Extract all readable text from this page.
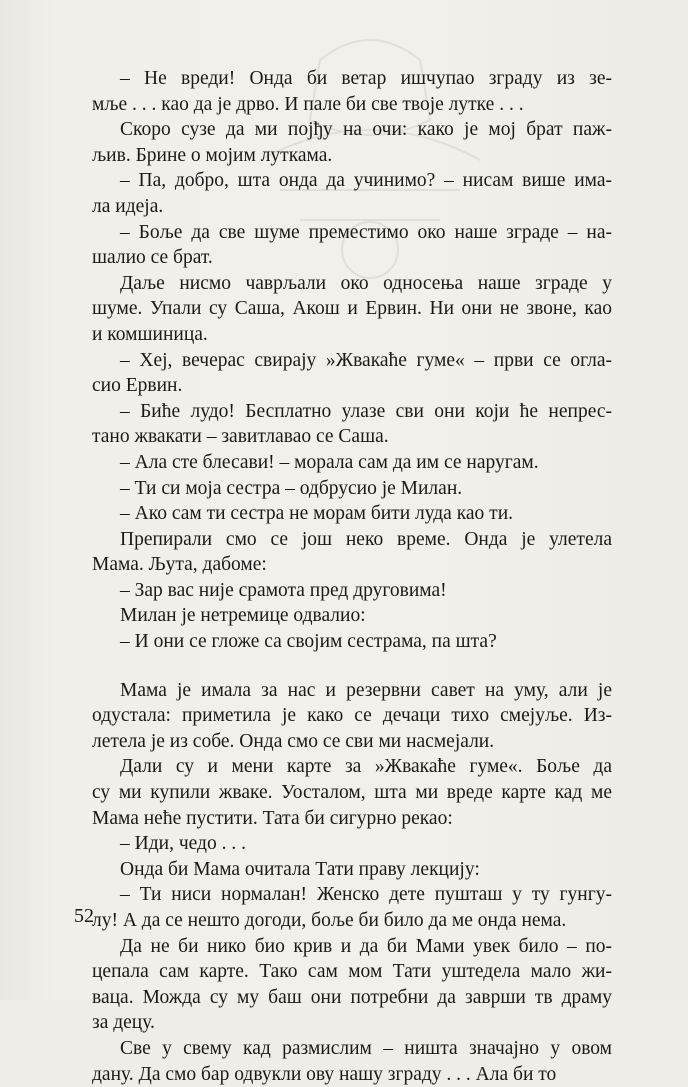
– Не вреди! Онда би ветар ишчупао зграду из зе-
мље . . . као да је дрво. И пале би све твоје лутке . . .
Скоро сузе да ми појђу на очи: како је мој брат паж-
љив. Брине о мојим луткама.
– Па, добро, шта онда да учинимо? – нисам више има-
ла идеја.
– Боље да све шуме преместимо око наше зграде – на-
шалио се брат.
Даље нисмо чаврљали око односења наше зграде у
шуме. Упали су Саша, Акош и Ервин. Ни они не звоне, као
и комшиница.
– Хеј, вечерас свирају »Жвакаће гуме« – први се огла-
сио Ервин.
– Биће лудо! Бесплатно улазе сви они који ће непрес-
тано жвакати – завитлавао се Саша.
– Ала сте блесави! – морала сам да им се наругам.
– Ти си моја сестра – одбрусио је Милан.
– Ако сам ти сестра не морам бити луда као ти.
Препирали смо се још неко време. Онда је улетела
Мама. Љута, дабоме:
– Зар вас није срамота пред друговима!
Милан је нетремице одвалио:
– И они се гложе са својим сестрама, па шта?
Мама је имала за нас и резервни савет на уму, али је
одустала: приметила је како се дечаци тихо смејуље. Из-
летела је из собе. Онда смо се сви ми насмејали.
Дали су и мени карте за »Жвакаће гуме«. Боље да
су ми купили жваке. Уосталом, шта ми вреде карте кад ме
Мама неће пустити. Тата би сигурно рекао:
– Иди, чедо . . .
Онда би Мама очитала Тати праву лекцију:
– Ти ниси нормалан! Женско дете пушташ у ту гунгу-
лу! А да се нешто догоди, боље би било да ме онда нема.
Да не би нико био крив и да би Мами увек било – по-
цепала сам карте. Тако сам мом Тати уштедела мало жи-
ваца. Можда су му баш они потребни да заврши тв драму
за децу.
Све у свему кад размислим – ништа значајно у овом
дану. Да смо бар одвукли ову нашу зграду . . . Ала би то
52
